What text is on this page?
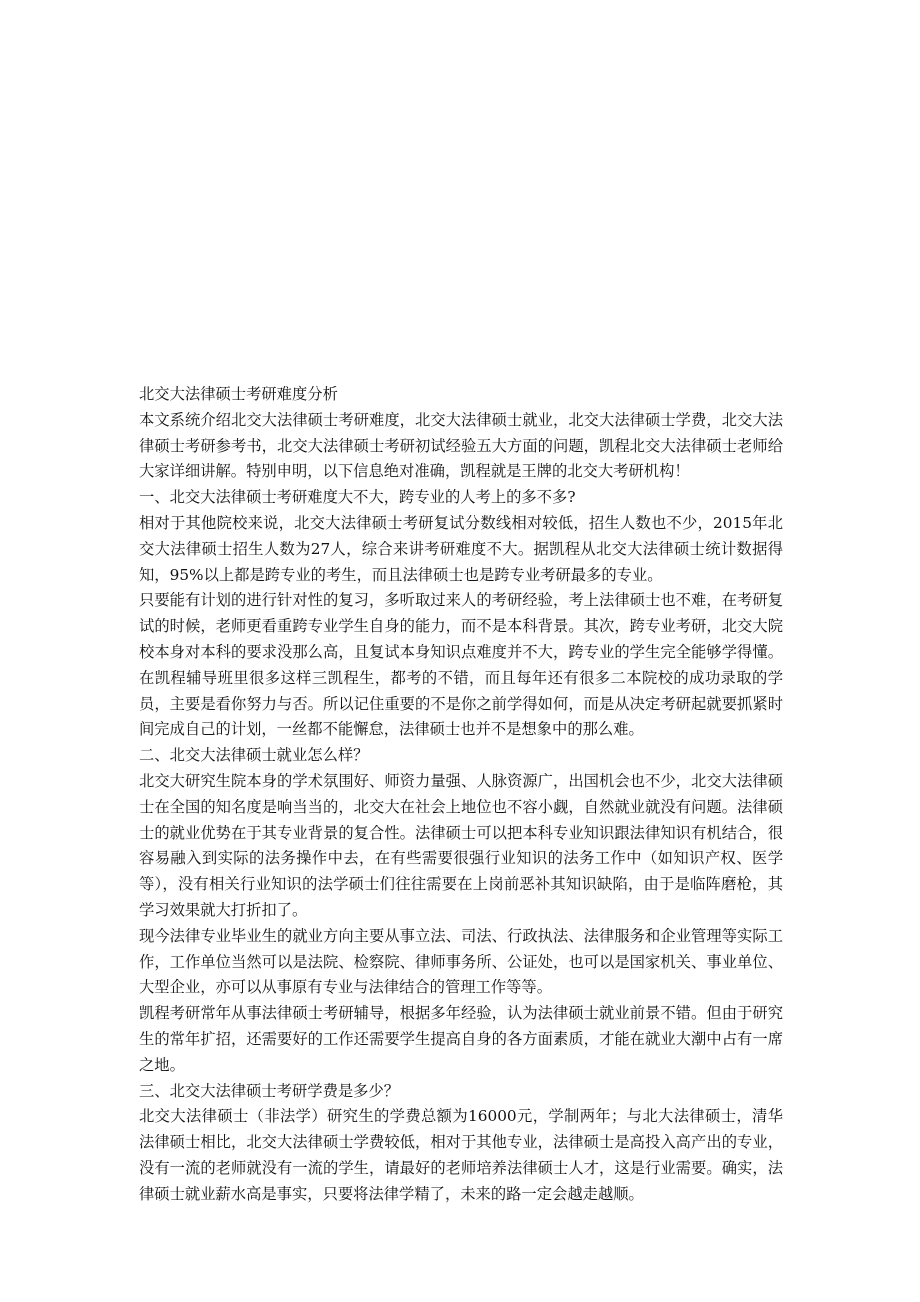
北交大法律硕士考研难度分析

本文系统介绍北交大法律硕士考研难度，北交大法律硕士就业，北交大法律硕士学费，北交大法律硕士考研参考书，北交大法律硕士考研初试经验五大方面的问题，凯程北交大法律硕士老师给大家详细讲解。特别申明，以下信息绝对准确，凯程就是王牌的北交大考研机构！

一、北交大法律硕士考研难度大不大，跨专业的人考上的多不多?

相对于其他院校来说，北交大法律硕士考研复试分数线相对较低，招生人数也不少，2015年北交大法律硕士招生人数为27人，综合来讲考研难度不大。据凯程从北交大法律硕士统计数据得知，95%以上都是跨专业的考生，而且法律硕士也是跨专业考研最多的专业。

只要能有计划的进行针对性的复习，多听取过来人的考研经验，考上法律硕士也不难，在考研复试的时候，老师更看重跨专业学生自身的能力，而不是本科背景。其次，跨专业考研，北交大院校本身对本科的要求没那么高，且复试本身知识点难度并不大，跨专业的学生完全能够学得懂。在凯程辅导班里很多这样三凯程生，都考的不错，而且每年还有很多二本院校的成功录取的学员，主要是看你努力与否。所以记住重要的不是你之前学得如何，而是从决定考研起就要抓紧时间完成自己的计划，一丝都不能懈怠，法律硕士也并不是想象中的那么难。

二、北交大法律硕士就业怎么样？

北交大研究生院本身的学术氛围好、师资力量强、人脉资源广，出国机会也不少，北交大法律硕士在全国的知名度是响当当的，北交大在社会上地位也不容小觑，自然就业就没有问题。法律硕士的就业优势在于其专业背景的复合性。法律硕士可以把本科专业知识跟法律知识有机结合，很容易融入到实际的法务操作中去，在有些需要很强行业知识的法务工作中（如知识产权、医学等），没有相关行业知识的法学硕士们往往需要在上岗前恶补其知识缺陷，由于是临阵磨枪，其学习效果就大打折扣了。

现今法律专业毕业生的就业方向主要从事立法、司法、行政执法、法律服务和企业管理等实际工作，工作单位当然可以是法院、检察院、律师事务所、公证处，也可以是国家机关、事业单位、大型企业，亦可以从事原有专业与法律结合的管理工作等等。

凯程考研常年从事法律硕士考研辅导，根据多年经验，认为法律硕士就业前景不错。但由于研究生的常年扩招，还需要好的工作还需要学生提高自身的各方面素质，才能在就业大潮中占有一席之地。

三、北交大法律硕士考研学费是多少？

北交大法律硕士（非法学）研究生的学费总额为16000元，学制两年；与北大法律硕士，清华法律硕士相比，北交大法律硕士学费较低，相对于其他专业，法律硕士是高投入高产出的专业，没有一流的老师就没有一流的学生，请最好的老师培养法律硕士人才，这是行业需要。确实，法律硕士就业薪水高是事实，只要将法律学精了，未来的路一定会越走越顺。
